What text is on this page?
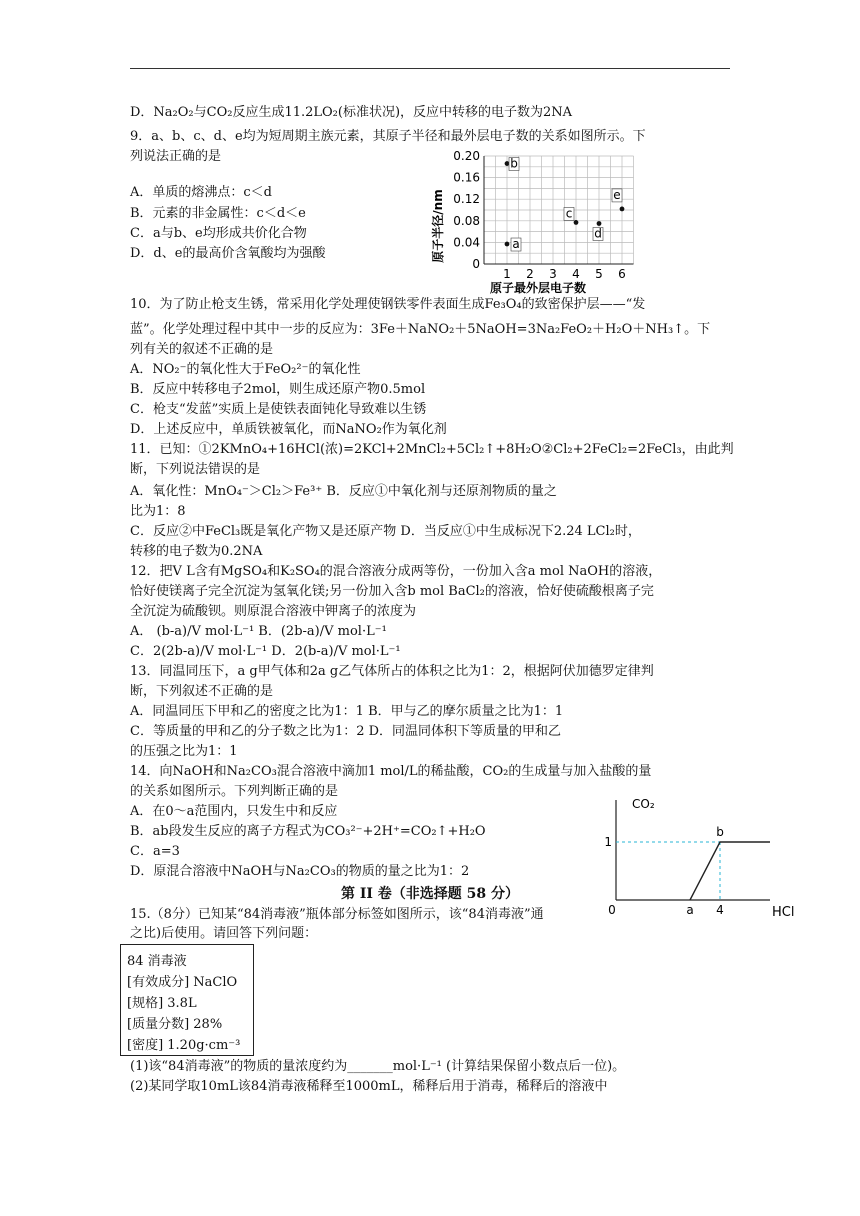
D．Na₂O₂与CO₂反应生成11.2LO₂(标准状况)，反应中转移的电子数为2NA
9．a、b、c、d、e均为短周期主族元素，其原子半径和最外层电子数的关系如图所示。下
列说法正确的是
A．单质的熔沸点：c＜d
B．元素的非金属性：c＜d＜e
C．a与b、e均形成共价化合物
D．d、e的最高价含氧酸均为强酸
10．为了防止枪支生锈，常采用化学处理使钢铁零件表面生成Fe₃O₄的致密保护层——“发
蓝”。化学处理过程中其中一步的反应为：3Fe＋NaNO₂＋5NaOH=3Na₂FeO₂＋H₂O＋NH₃↑。下
列有关的叙述不正确的是
A．NO₂⁻的氧化性大于FeO₂²⁻的氧化性
B．反应中转移电子2mol，则生成还原产物0.5mol
C．枪支“发蓝”实质上是使铁表面钝化导致难以生锈
D．上述反应中，单质铁被氧化，而NaNO₂作为氧化剂
11．已知：①2KMnO₄+16HCl(浓)=2KCl+2MnCl₂+5Cl₂↑+8H₂O②Cl₂+2FeCl₂=2FeCl₃，由此判
断，下列说法错误的是
A．氧化性：MnO₄⁻＞Cl₂＞Fe³⁺ B．反应①中氧化剂与还原剂物质的量之
比为1：8
C．反应②中FeCl₃既是氧化产物又是还原产物 D．当反应①中生成标况下2.24 LCl₂时，
转移的电子数为0.2NA
12．把V L含有MgSO₄和K₂SO₄的混合溶液分成两等份，一份加入含a mol NaOH的溶液，
恰好使镁离子完全沉淀为氢氧化镁;另一份加入含b mol BaCl₂的溶液，恰好使硫酸根离子完
全沉淀为硫酸钡。则原混合溶液中钾离子的浓度为
A． (b-a)/V mol·L⁻¹ B．(2b-a)/V mol·L⁻¹
C．2(2b-a)/V mol·L⁻¹ D．2(b-a)/V mol·L⁻¹
13．同温同压下，a g甲气体和2a g乙气体所占的体积之比为1：2，根据阿伏加德罗定律判
断，下列叙述不正确的是
A．同温同压下甲和乙的密度之比为1：1 B．甲与乙的摩尔质量之比为1：1
C．等质量的甲和乙的分子数之比为1：2 D．同温同体积下等质量的甲和乙
的压强之比为1：1
14．向NaOH和Na₂CO₃混合溶液中滴加1 mol/L的稀盐酸，CO₂的生成量与加入盐酸的量
的关系如图所示。下列判断正确的是
A．在0～a范围内，只发生中和反应
B．ab段发生反应的离子方程式为CO₃²⁻+2H⁺=CO₂↑+H₂O
C．a=3
D．原混合溶液中NaOH与Na₂CO₃的物质的量之比为1：2
第 II 卷（非选择题 58 分）
15.（8分）已知某“84消毒液”瓶体部分标签如图所示，该“84消毒液”通
之比)后使用。请回答下列问题：
(1)该“84消毒液”的物质的量浓度约为_______mol·L⁻¹ (计算结果保留小数点后一位)。
(2)某同学取10mL该84消毒液稀释至1000mL，稀释后用于消毒，稀释后的溶液中
84 消毒液
[有效成分] NaClO
[规格] 3.8L
[质量分数] 28%
[密度] 1.20g·cm⁻³
原子半径/nm
原子最外层电子数
1 2 3 4 5 6
0
0.04
0.08
0.12
0.16
0.20
a
b
c
d
e
CO₂
HCl
0	a 4
1
b
